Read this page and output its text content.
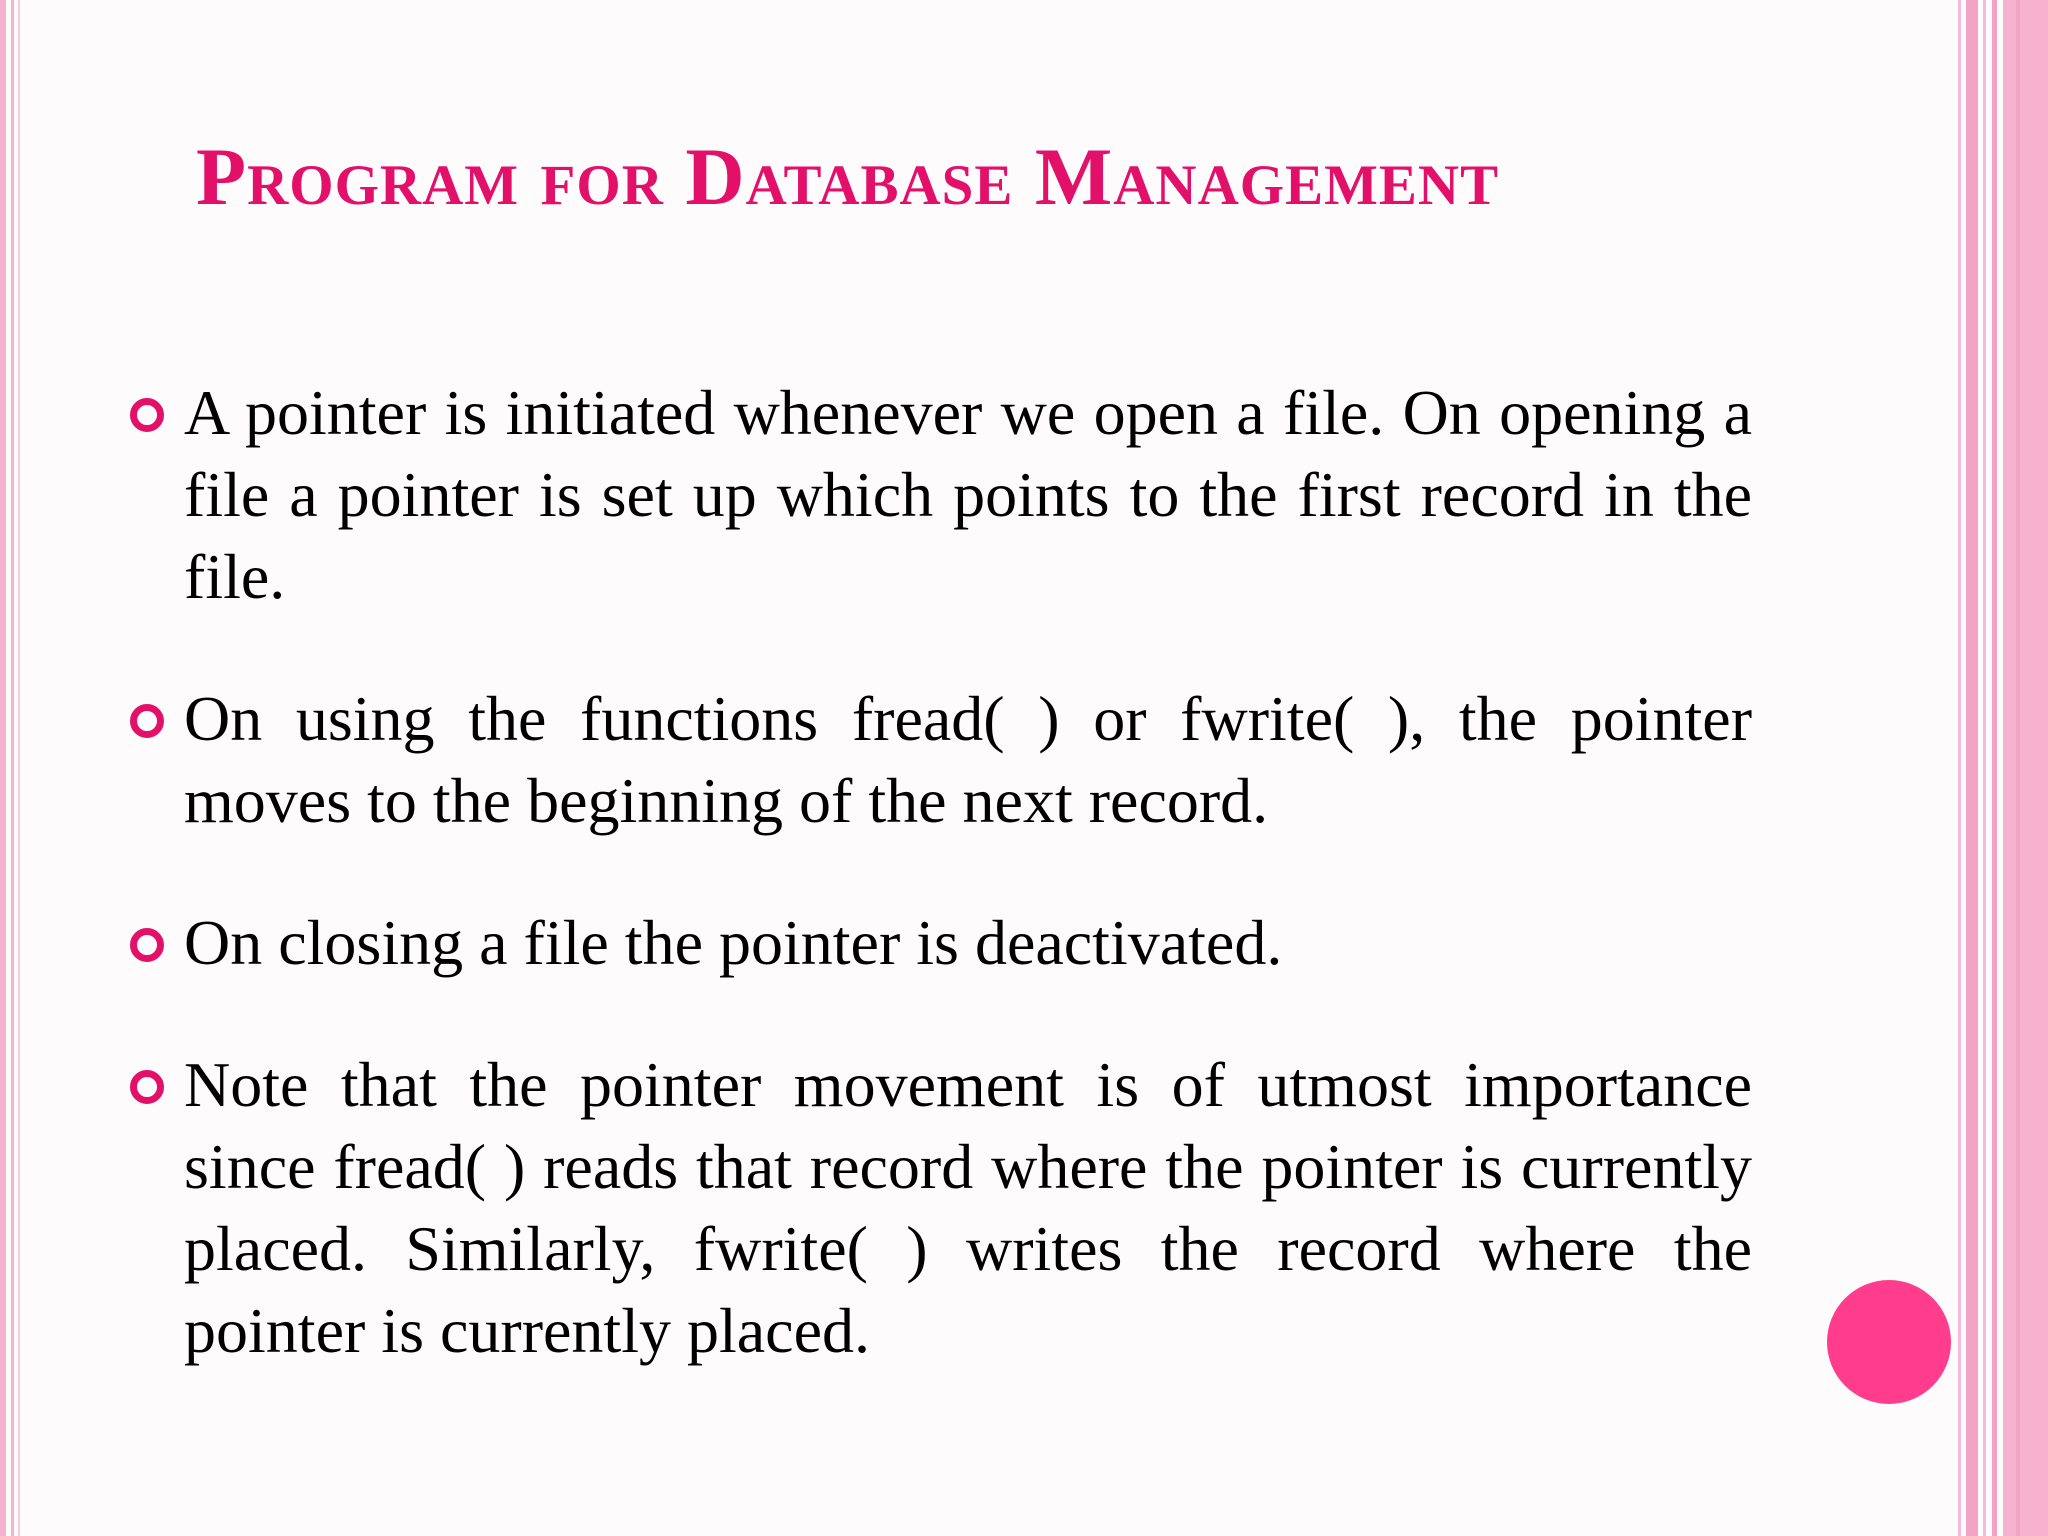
Program for Database Management
A pointer is initiated whenever we open a file. On opening a file a pointer is set up which points to the first record in the file.
On using the functions fread( ) or fwrite( ), the pointer moves to the beginning of the next record.
On closing a file the pointer is deactivated.
Note that the pointer movement is of utmost importance since fread( ) reads that record where the pointer is currently placed. Similarly, fwrite( ) writes the record where the pointer is currently placed.
